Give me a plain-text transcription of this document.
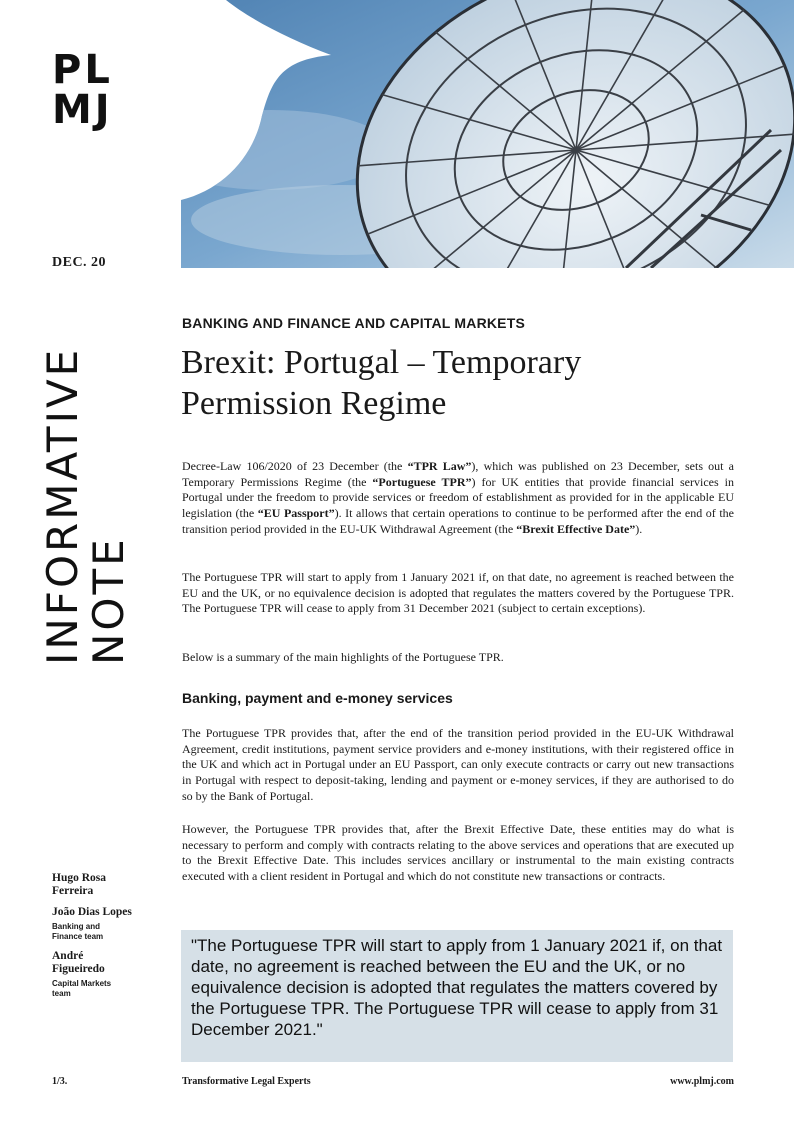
PL
MJ
DEC. 20
INFORMATIVE
NOTE
BANKING AND FINANCE AND CAPITAL MARKETS
Brexit: Portugal – Temporary
Permission Regime

Decree-Law 106/2020 of 23 December (the “TPR Law”), which was published on 23 December, sets out a Temporary Permissions Regime (the “Portuguese TPR”) for UK entities that provide financial services in Portugal under the freedom to provide services or freedom of establishment as provided for in the applicable EU legislation (the “EU Passport”). It allows that certain operations to continue to be performed after the end of the transition period provided in the EU-UK Withdrawal Agreement (the “Brexit Effective Date”).

The Portuguese TPR will start to apply from 1 January 2021 if, on that date, no agreement is reached between the EU and the UK, or no equivalence decision is adopted that regulates the matters covered by the Portuguese TPR. The Portuguese TPR will cease to apply from 31 December 2021 (subject to certain exceptions).

Below is a summary of the main highlights of the Portuguese TPR.

Banking, payment and e-money services

The Portuguese TPR provides that, after the end of the transition period provided in the EU-UK Withdrawal Agreement, credit institutions, payment service providers and e-money institutions, with their registered office in the UK and which act in Portugal under an EU Passport, can only execute contracts or carry out new transactions in Portugal with respect to deposit-taking, lending and payment or e-money services, if they are authorised to do so by the Bank of Portugal.

However, the Portuguese TPR provides that, after the Brexit Effective Date, these entities may do what is necessary to perform and comply with contracts relating to the above services and operations that are executed up to the Brexit Effective Date. This includes services ancillary or instrumental to the main existing contracts executed with a client resident in Portugal and which do not constitute new transactions or contracts.

Hugo Rosa Ferreira
João Dias Lopes
Banking and Finance team
André Figueiredo
Capital Markets team

"The Portuguese TPR will start to apply from 1 January 2021 if, on that date, no agreement is reached between the EU and the UK, or no equivalence decision is adopted that regulates the matters covered by the Portuguese TPR. The Portuguese TPR will cease to apply from 31 December 2021."

1/3.	Transformative Legal Experts	www.plmj.com
